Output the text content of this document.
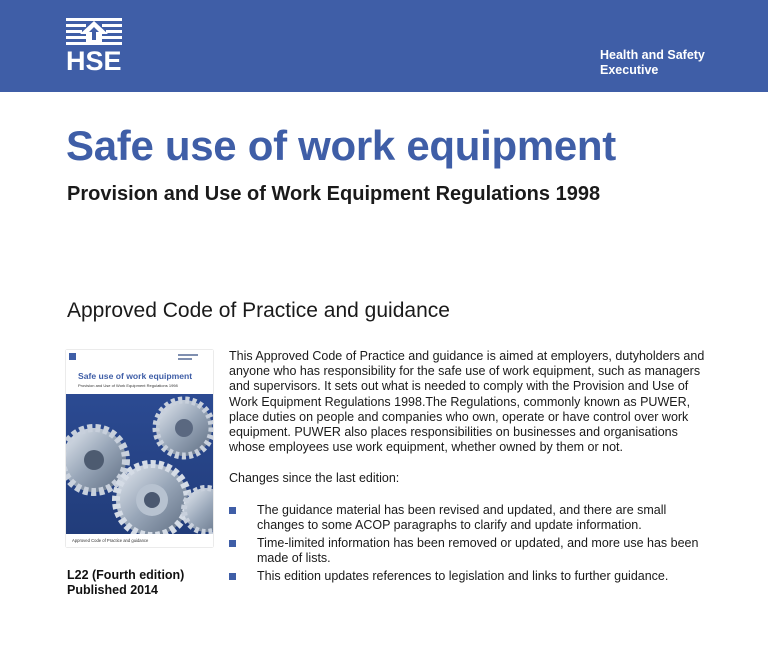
HSE	Health and Safety
Executive
Safe use of work equipment
Provision and Use of Work Equipment Regulations 1998
Approved Code of Practice and guidance
Safe use of work equipment
Provision and Use of Work Equipment Regulations 1998
Approved Code of Practice and guidance
L22 (Fourth edition)
Published 2014

This Approved Code of Practice and guidance is aimed at employers, dutyholders and anyone who has responsibility for the safe use of work equipment, such as managers and supervisors. It sets out what is needed to comply with the Provision and Use of Work Equipment Regulations 1998.The Regulations, commonly known as PUWER, place duties on people and companies who own, operate or have control over work equipment. PUWER also places responsibilities on businesses and organisations whose employees use work equipment, whether owned by them or not.

Changes since the last edition:

The guidance material has been revised and updated, and there are small changes to some ACOP paragraphs to clarify and update information.
Time-limited information has been removed or updated, and more use has been made of lists.
This edition updates references to legislation and links to further guidance.
